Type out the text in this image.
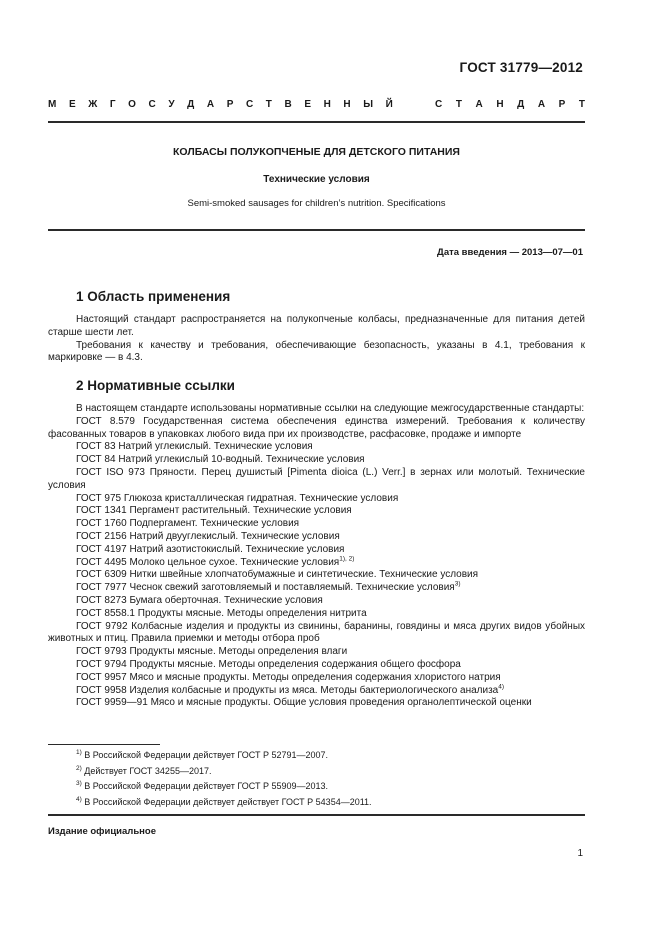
ГОСТ 31779—2012
М Е Ж Г О С У Д А Р С Т В Е Н Н Ы Й	С Т А Н Д А Р Т
КОЛБАСЫ ПОЛУКОПЧЕНЫЕ ДЛЯ ДЕТСКОГО ПИТАНИЯ
Технические условия
Semi-smoked sausages for children’s nutrition. Specifications
Дата введения — 2013—07—01
1 Область применения

Настоящий стандарт распространяется на полукопченые колбасы, предназначенные для питания детей старше шести лет.

Требования к качеству и требования, обеспечивающие безопасность, указаны в 4.1, требования к маркировке — в 4.3.

2 Нормативные ссылки

В настоящем стандарте использованы нормативные ссылки на следующие межгосударственные стандарты:

ГОСТ 8.579 Государственная система обеспечения единства измерений. Требования к количеству фасованных товаров в упаковках любого вида при их производстве, расфасовке, продаже и импорте

ГОСТ 83 Натрий углекислый. Технические условия

ГОСТ 84 Натрий углекислый 10-водный. Технические условия

ГОСТ ISO 973 Пряности. Перец душистый [Pimenta dioica (L.) Verr.] в зернах или молотый. Технические условия

ГОСТ 975 Глюкоза кристаллическая гидратная. Технические условия

ГОСТ 1341 Пергамент растительный. Технические условия

ГОСТ 1760 Подпергамент. Технические условия

ГОСТ 2156 Натрий двууглекислый. Технические условия

ГОСТ 4197 Натрий азотистокислый. Технические условия

ГОСТ 4495 Молоко цельное сухое. Технические условия$^{1), 2)}$

ГОСТ 6309 Нитки швейные хлопчатобумажные и синтетические. Технические условия

ГОСТ 7977 Чеснок свежий заготовляемый и поставляемый. Технические условия$^{3)}$

ГОСТ 8273 Бумага оберточная. Технические условия

ГОСТ 8558.1 Продукты мясные. Методы определения нитрита

ГОСТ 9792 Колбасные изделия и продукты из свинины, баранины, говядины и мяса других видов убойных животных и птиц. Правила приемки и методы отбора проб

ГОСТ 9793 Продукты мясные. Методы определения влаги

ГОСТ 9794 Продукты мясные. Методы определения содержания общего фосфора

ГОСТ 9957 Мясо и мясные продукты. Методы определения содержания хлористого натрия

ГОСТ 9958 Изделия колбасные и продукты из мяса. Методы бактериологического анализа$^{4)}$

ГОСТ 9959—91 Мясо и мясные продукты. Общие условия проведения органолептической оценки

$^{1)}$ В Российской Федерации действует ГОСТ Р 52791—2007.
$^{2)}$ Действует ГОСТ 34255—2017.
$^{3)}$ В Российской Федерации действует ГОСТ Р 55909—2013.
$^{4)}$ В Российской Федерации действует действует ГОСТ Р 54354—2011.
Издание официальное
1
